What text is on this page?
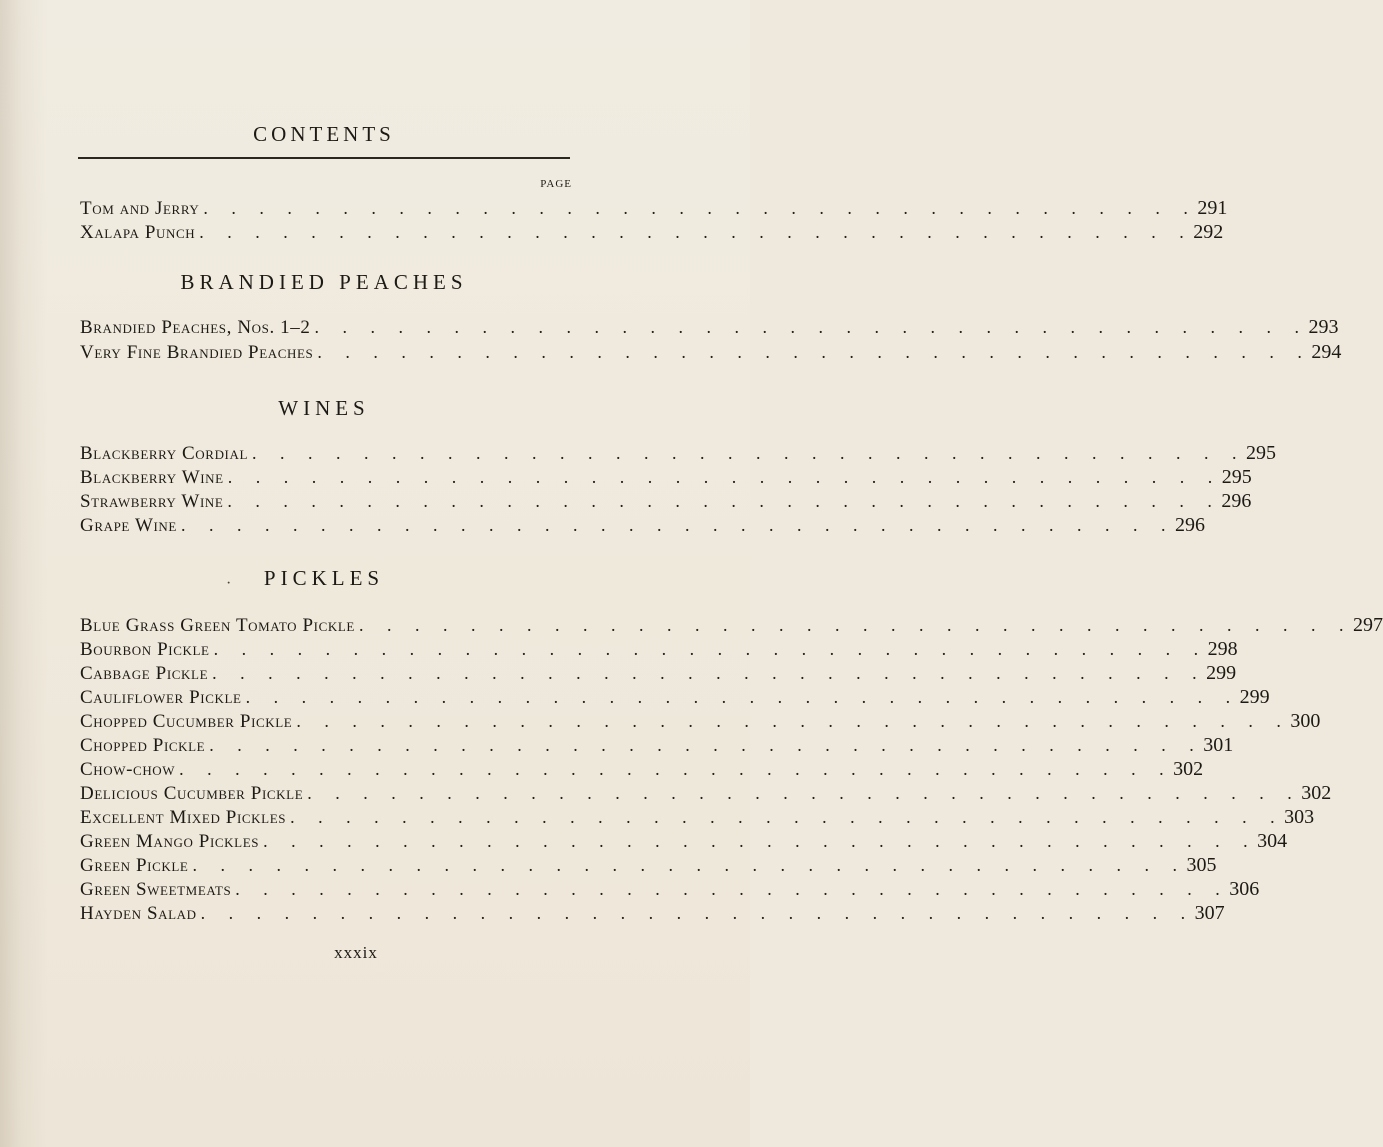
CONTENTS
PAGE
Tom and Jerry . . . . . . . . . . . . . . . . . . . . . . . . . . . . . . . . . . . . 291
Xalapa Punch . . . . . . . . . . . . . . . . . . . . . . . . . . . . . . . . . . . . 292
BRANDIED PEACHES
Brandied Peaches, Nos. 1–2 . . . . . . . . . . . . . . . . . . . . . . . . . . . . . . . . . . . . 293
Very Fine Brandied Peaches . . . . . . . . . . . . . . . . . . . . . . . . . . . . . . . . . . . . 294
WINES
Blackberry Cordial . . . . . . . . . . . . . . . . . . . . . . . . . . . . . . . . . . . . 295
Blackberry Wine . . . . . . . . . . . . . . . . . . . . . . . . . . . . . . . . . . . . 295
Strawberry Wine . . . . . . . . . . . . . . . . . . . . . . . . . . . . . . . . . . . . 296
Grape Wine . . . . . . . . . . . . . . . . . . . . . . . . . . . . . . . . . . . . 296
·	PICKLES
Blue Grass Green Tomato Pickle . . . . . . . . . . . . . . . . . . . . . . . . . . . . . . . . . . . . 297
Bourbon Pickle . . . . . . . . . . . . . . . . . . . . . . . . . . . . . . . . . . . . 298
Cabbage Pickle . . . . . . . . . . . . . . . . . . . . . . . . . . . . . . . . . . . . 299
Cauliflower Pickle . . . . . . . . . . . . . . . . . . . . . . . . . . . . . . . . . . . . 299
Chopped Cucumber Pickle . . . . . . . . . . . . . . . . . . . . . . . . . . . . . . . . . . . . 300
Chopped Pickle . . . . . . . . . . . . . . . . . . . . . . . . . . . . . . . . . . . . 301
Chow-chow . . . . . . . . . . . . . . . . . . . . . . . . . . . . . . . . . . . . 302
Delicious Cucumber Pickle . . . . . . . . . . . . . . . . . . . . . . . . . . . . . . . . . . . . 302
Excellent Mixed Pickles . . . . . . . . . . . . . . . . . . . . . . . . . . . . . . . . . . . . 303
Green Mango Pickles . . . . . . . . . . . . . . . . . . . . . . . . . . . . . . . . . . . . 304
Green Pickle . . . . . . . . . . . . . . . . . . . . . . . . . . . . . . . . . . . . 305
Green Sweetmeats . . . . . . . . . . . . . . . . . . . . . . . . . . . . . . . . . . . . 306
Hayden Salad . . . . . . . . . . . . . . . . . . . . . . . . . . . . . . . . . . . . 307
xxxix
